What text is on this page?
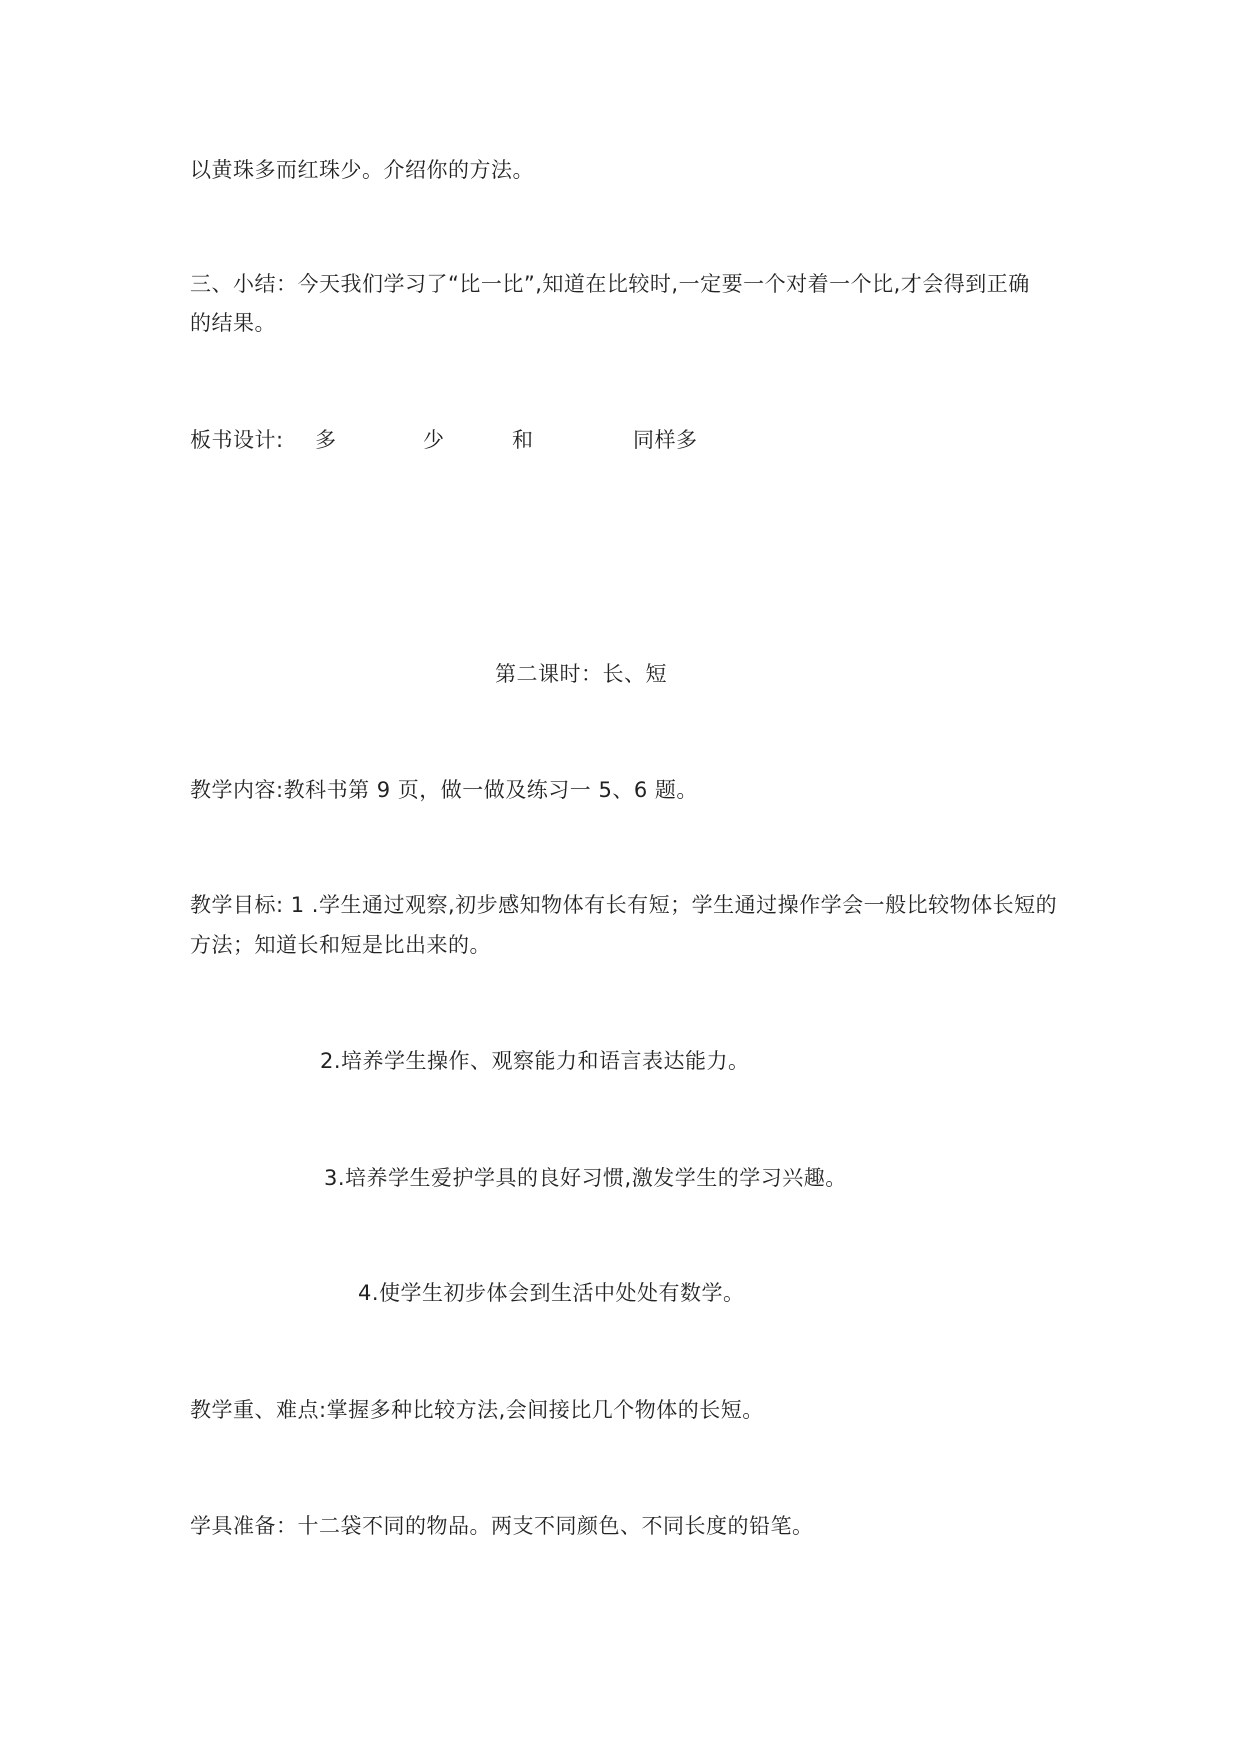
以黄珠多而红珠少。介绍你的方法。
三、小结：今天我们学习了“比一比”,知道在比较时,一定要一个对着一个比,才会得到正确
的结果。
板书设计: 多	少	和	同样多
第二课时：长、短
教学内容:教科书第 9 页，做一做及练习一 5、6 题。
教学目标: 1 .学生通过观察,初步感知物体有长有短；学生通过操作学会一般比较物体长短的
方法；知道长和短是比出来的。
2.培养学生操作、观察能力和语言表达能力。
3.培养学生爱护学具的良好习惯,激发学生的学习兴趣。
4.使学生初步体会到生活中处处有数学。
教学重、难点:掌握多种比较方法,会间接比几个物体的长短。
学具准备：十二袋不同的物品。两支不同颜色、不同长度的铅笔。
